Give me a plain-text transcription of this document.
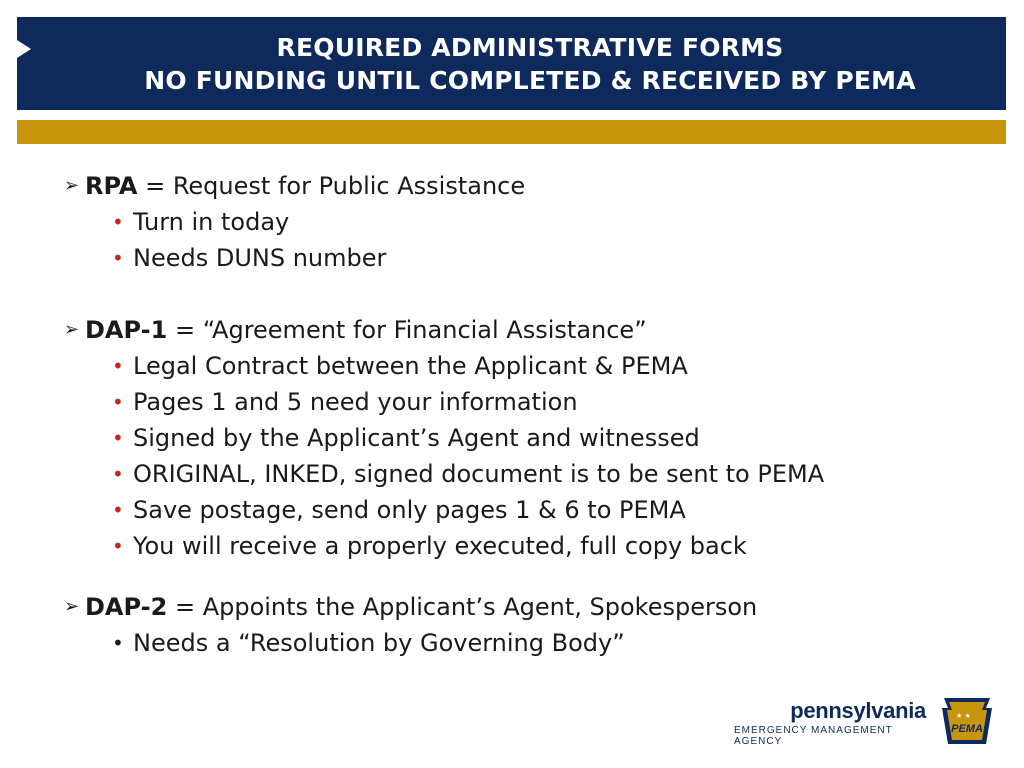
REQUIRED ADMINISTRATIVE FORMS
NO FUNDING UNTIL COMPLETED & RECEIVED BY PEMA
➢ RPA = Request for Public Assistance
• Turn in today
• Needs DUNS number
➢ DAP-1 = “Agreement for Financial Assistance”
• Legal Contract between the Applicant & PEMA
• Pages 1 and 5 need your information
• Signed by the Applicant’s Agent and witnessed
• ORIGINAL, INKED, signed document is to be sent to PEMA
• Save postage, send only pages 1 & 6 to PEMA
• You will receive a properly executed, full copy back
➢ DAP-2 = Appoints the Applicant’s Agent, Spokesperson
• Needs a “Resolution by Governing Body”
pennsylvania
EMERGENCY MANAGEMENT AGENCY
★ ★
PEMA
